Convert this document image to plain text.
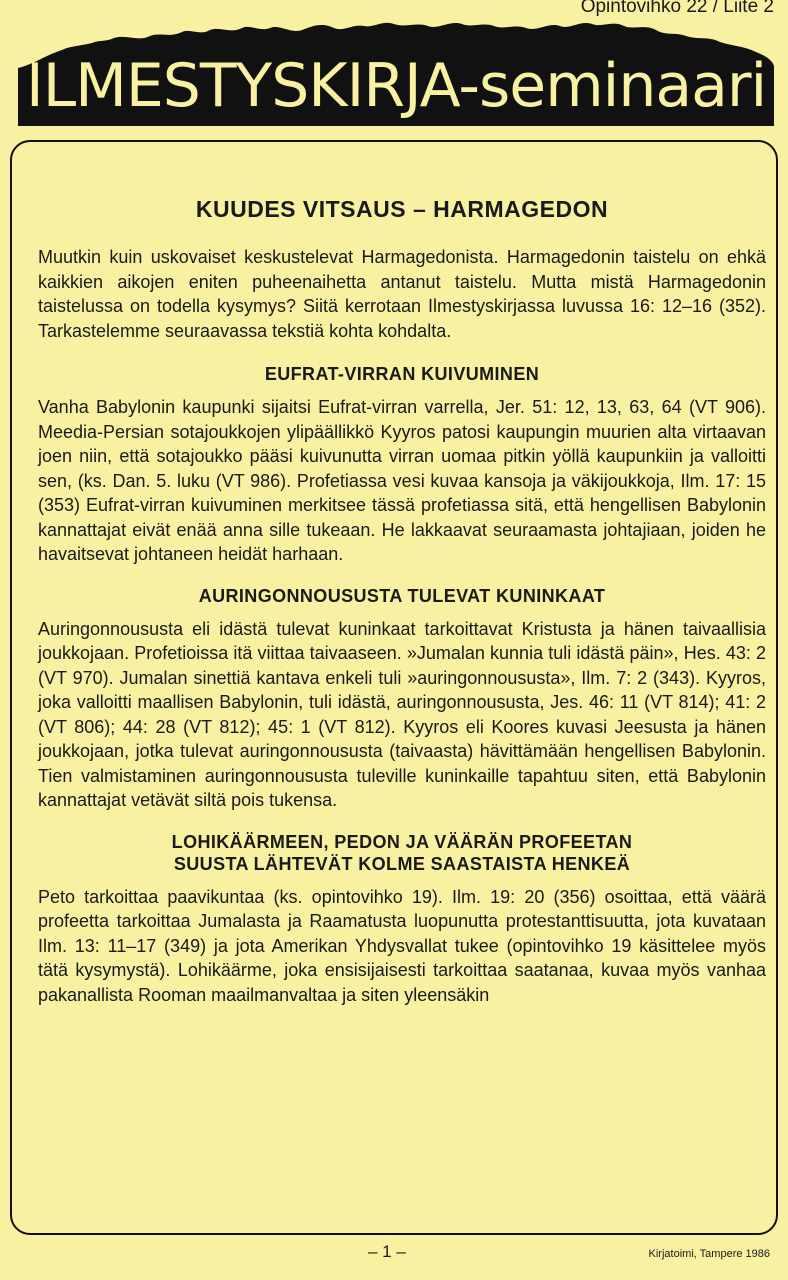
Opintovihko 22 / Liite 2
ILMESTYSKIRJA-seminaari
KUUDES VITSAUS – HARMAGEDON

Muutkin kuin uskovaiset keskustelevat Harmagedonista. Harmagedonin taistelu on ehkä kaikkien aikojen eniten puheenaihetta antanut taistelu. Mutta mistä Harmagedonin taistelussa on todella kysymys? Siitä kerrotaan Ilmestyskirjassa luvussa 16: 12–16 (352). Tarkastelemme seuraavassa tekstiä kohta kohdalta.

EUFRAT-VIRRAN KUIVUMINEN

Vanha Babylonin kaupunki sijaitsi Eufrat-virran varrella, Jer. 51: 12, 13, 63, 64 (VT 906). Meedia-Persian sotajoukkojen ylipäällikkö Kyyros patosi kaupungin muurien alta virtaavan joen niin, että sotajoukko pääsi kuivunutta virran uomaa pitkin yöllä kaupunkiin ja valloitti sen, (ks. Dan. 5. luku (VT 986). Profetiassa vesi kuvaa kansoja ja väkijoukkoja, Ilm. 17: 15 (353) Eufrat-virran kuivuminen merkitsee tässä profetiassa sitä, että hengellisen Babylonin kannattajat eivät enää anna sille tukeaan. He lakkaavat seuraamasta johtajiaan, joiden he havaitsevat johtaneen heidät harhaan.

AURINGONNOUSUSTA TULEVAT KUNINKAAT

Auringonnoususta eli idästä tulevat kuninkaat tarkoittavat Kristusta ja hänen taivaallisia joukkojaan. Profetioissa itä viittaa taivaaseen. »Jumalan kunnia tuli idästä päin», Hes. 43: 2 (VT 970). Jumalan sinettiä kantava enkeli tuli »auringonnoususta», Ilm. 7: 2 (343). Kyyros, joka valloitti maallisen Babylonin, tuli idästä, auringonnoususta, Jes. 46: 11 (VT 814); 41: 2 (VT 806); 44: 28 (VT 812); 45: 1 (VT 812). Kyyros eli Koores kuvasi Jeesusta ja hänen joukkojaan, jotka tulevat auringonnoususta (taivaasta) hävittämään hengellisen Babylonin. Tien valmistaminen auringonnoususta tuleville kuninkaille tapahtuu siten, että Babylonin kannattajat vetävät siltä pois tukensa.

LOHIKÄÄRMEEN, PEDON JA VÄÄRÄN PROFEETAN
SUUSTA LÄHTEVÄT KOLME SAASTAISTA HENKEÄ

Peto tarkoittaa paavikuntaa (ks. opintovihko 19). Ilm. 19: 20 (356) osoittaa, että väärä profeetta tarkoittaa Jumalasta ja Raamatusta luopunutta protestanttisuutta, jota kuvataan Ilm. 13: 11–17 (349) ja jota Amerikan Yhdysvallat tukee (opintovihko 19 käsittelee myös tätä kysymystä). Lohikäärme, joka ensisijaisesti tarkoittaa saatanaa, kuvaa myös vanhaa pakanallista Rooman maailmanvaltaa ja siten yleensäkin

– 1 –	Kirjatoimi, Tampere 1986
